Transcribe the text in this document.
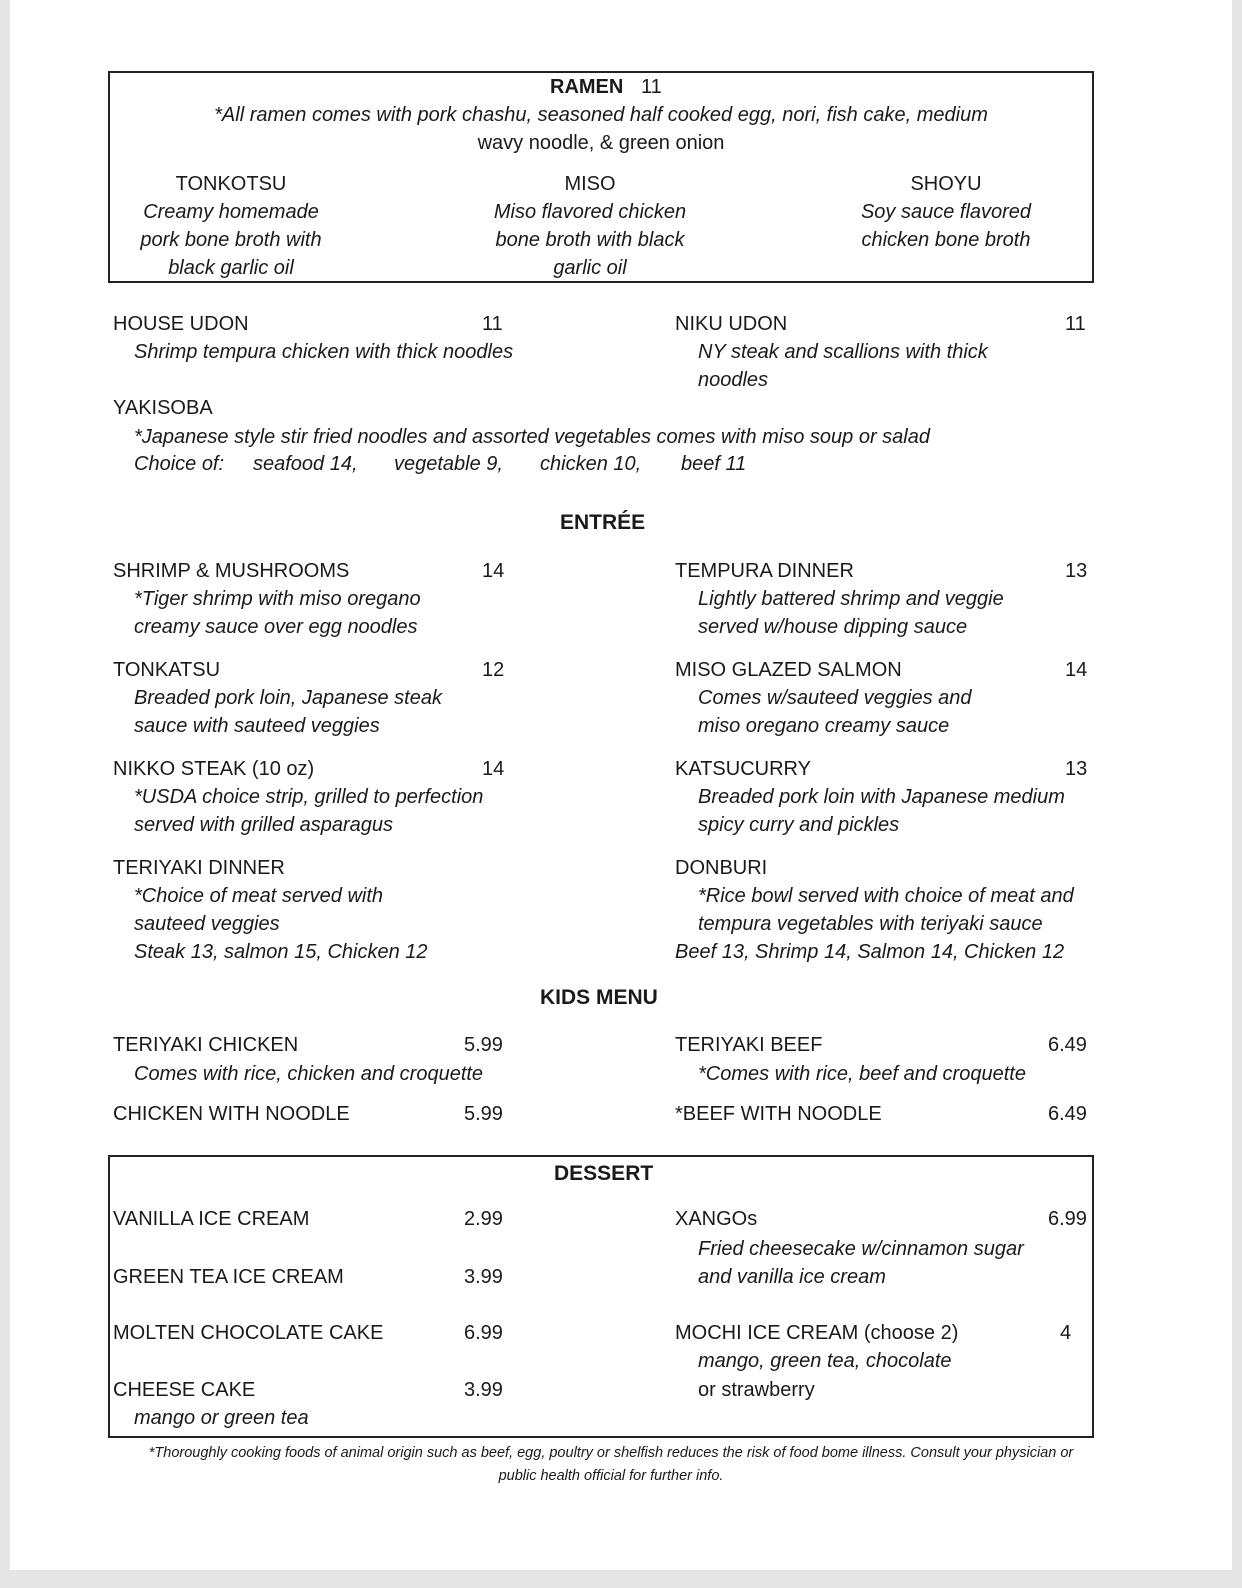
RAMEN 11
*All ramen comes with pork chashu, seasoned half cooked egg, nori, fish cake, medium
wavy noodle, & green onion
TONKOTSU
Creamy homemade
pork bone broth with
black garlic oil
MISO
Miso flavored chicken
bone broth with black
garlic oil
SHOYU
Soy sauce flavored
chicken bone broth
HOUSE UDON	11
Shrimp tempura chicken with thick noodles
NIKU UDON	11
NY steak and scallions with thick
noodles
YAKISOBA
*Japanese style stir fried noodles and assorted vegetables comes with miso soup or salad
Choice of: seafood 14, vegetable 9, chicken 10, beef 11
ENTRÉE
SHRIMP & MUSHROOMS	14
*Tiger shrimp with miso oregano
creamy sauce over egg noodles
TEMPURA DINNER	13
Lightly battered shrimp and veggie
served w/house dipping sauce
TONKATSU	12
Breaded pork loin, Japanese steak
sauce with sauteed veggies
MISO GLAZED SALMON	14
Comes w/sauteed veggies and
miso oregano creamy sauce
NIKKO STEAK (10 oz)	14
*USDA choice strip, grilled to perfection
served with grilled asparagus
KATSUCURRY	13
Breaded pork loin with Japanese medium
spicy curry and pickles
TERIYAKI DINNER
*Choice of meat served with
sauteed veggies
Steak 13, salmon 15, Chicken 12
DONBURI
*Rice bowl served with choice of meat and
tempura vegetables with teriyaki sauce
Beef 13, Shrimp 14, Salmon 14, Chicken 12
KIDS MENU
TERIYAKI CHICKEN	5.99
Comes with rice, chicken and croquette
TERIYAKI BEEF	6.49
*Comes with rice, beef and croquette
CHICKEN WITH NOODLE	5.99	*BEEF WITH NOODLE	6.49
DESSERT
VANILLA ICE CREAM	2.99
GREEN TEA ICE CREAM	3.99
MOLTEN CHOCOLATE CAKE	6.99
CHEESE CAKE	3.99
mango or green tea
XANGOs	6.99
Fried cheesecake w/cinnamon sugar
and vanilla ice cream
MOCHI ICE CREAM (choose 2)	4
mango, green tea, chocolate
or strawberry
*Thoroughly cooking foods of animal origin such as beef, egg, poultry or shelfish reduces the risk of food bome illness. Consult your physician or
public health official for further info.
